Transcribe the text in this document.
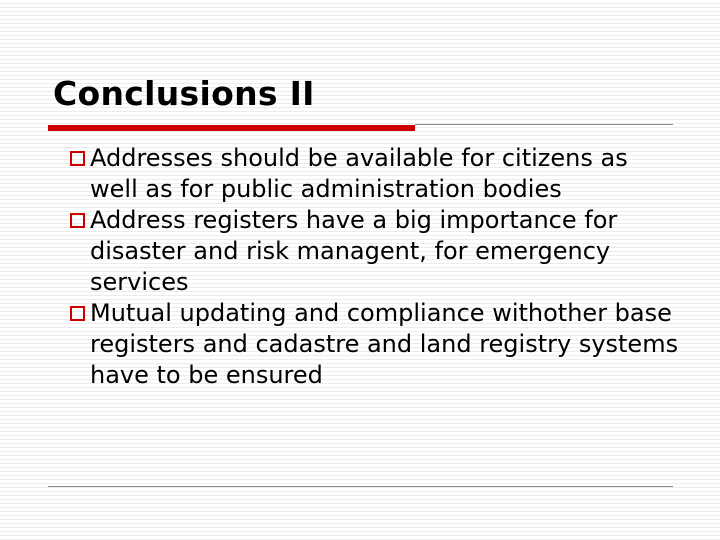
Conclusions II
Addresses should be available for citizens as well as for public administration bodies
Address registers have a big importance for disaster and risk managent, for emergency services
Mutual updating and compliance withother base registers and cadastre and land registry systems have to be ensured
